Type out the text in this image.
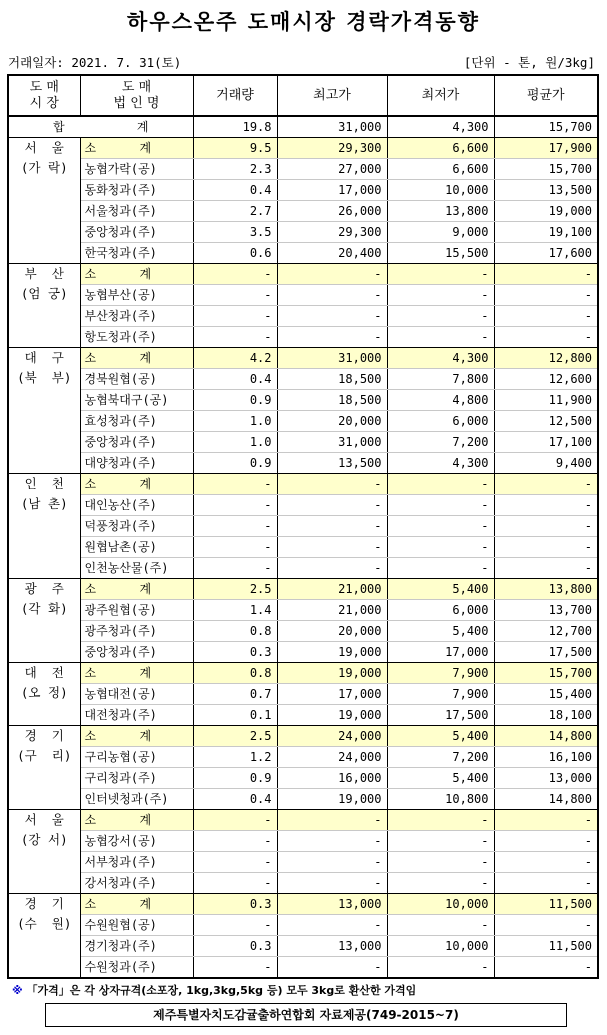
하우스온주 도매시장 경락가격동향
거래일자: 2021. 7. 31(토)	[단위 - 톤, 원/3kg]
도 매
시 장	도 매
법 인 명	거래량	최고가	최저가	평균가
합          계		19.8	31,000	4,300	15,700

서  울
(가 락)	소      계	9.5	29,300	6,600	17,900
	농협가락(공)	2.3	27,000	6,600	15,700
	동화청과(주)	0.4	17,000	10,000	13,500
	서울청과(주)	2.7	26,000	13,800	19,000
	중앙청과(주)	3.5	29,300	9,000	19,100
	한국청과(주)	0.6	20,400	15,500	17,600

부  산
(엄 궁)	소      계	-	-	-	-
	농협부산(공)	-	-	-	-
	부산청과(주)	-	-	-	-
	항도청과(주)	-	-	-	-

대  구
(북  부)	소      계	4.2	31,000	4,300	12,800
	경북원협(공)	0.4	18,500	7,800	12,600
	농협북대구(공)	0.9	18,500	4,800	11,900
	효성청과(주)	1.0	20,000	6,000	12,500
	중앙청과(주)	1.0	31,000	7,200	17,100
	대양청과(주)	0.9	13,500	4,300	9,400

인  천
(남 촌)	소      계	-	-	-	-
	대인농산(주)	-	-	-	-
	덕풍청과(주)	-	-	-	-
	원협남촌(공)	-	-	-	-
	인천농산물(주)	-	-	-	-

광  주
(각 화)	소      계	2.5	21,000	5,400	13,800
	광주원협(공)	1.4	21,000	6,000	13,700
	광주청과(주)	0.8	20,000	5,400	12,700
	중앙청과(주)	0.3	19,000	17,000	17,500

대  전
(오 정)	소      계	0.8	19,000	7,900	15,700
	농협대전(공)	0.7	17,000	7,900	15,400
	대전청과(주)	0.1	19,000	17,500	18,100

경  기
(구  리)	소      계	2.5	24,000	5,400	14,800
	구리농협(공)	1.2	24,000	7,200	16,100
	구리청과(주)	0.9	16,000	5,400	13,000
	인터넷청과(주)	0.4	19,000	10,800	14,800

서  울
(강 서)	소      계	-	-	-	-
	농협강서(공)	-	-	-	-
	서부청과(주)	-	-	-	-
	강서청과(주)	-	-	-	-

경  기
(수  원)	소      계	0.3	13,000	10,000	11,500
	수원원협(공)	-	-	-	-
	경기청과(주)	0.3	13,000	10,000	11,500
	수원청과(주)	-	-	-	-
※ 「가격」은 각 상자규격(소포장, 1kg,3kg,5kg 등) 모두 3kg로 환산한 가격임
제주특별자치도감귤출하연합회 자료제공(749-2015~7)
